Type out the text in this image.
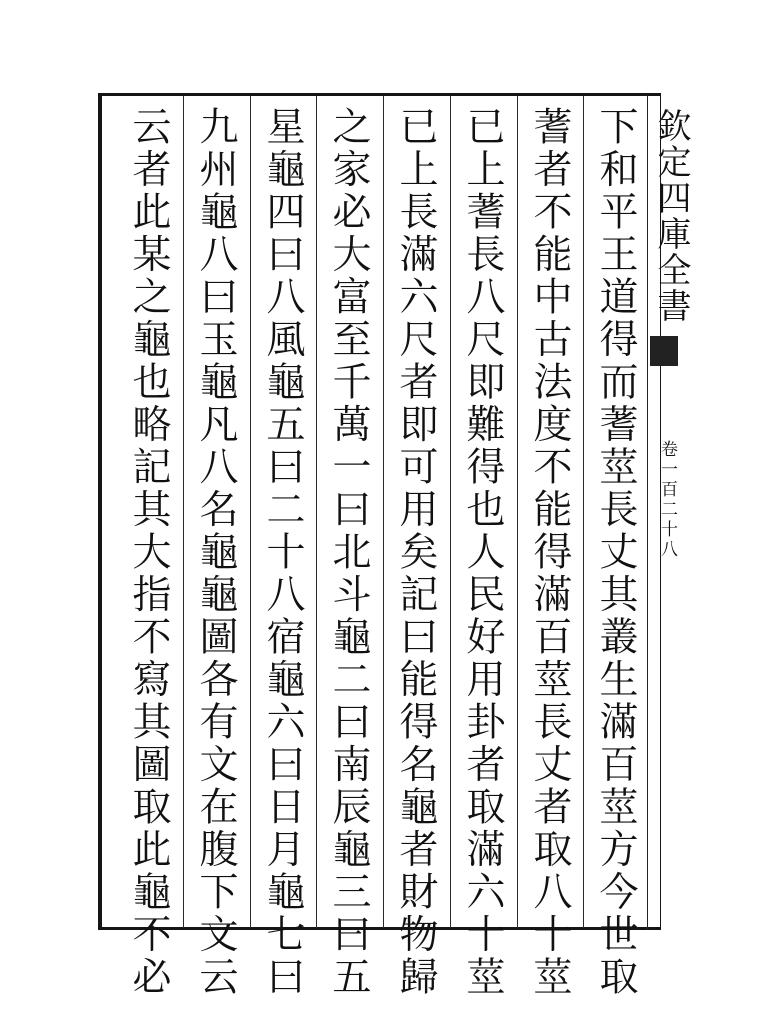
欽定四庫全書
卷一百二十八
下和平王道得而蓍莖長丈其叢生滿百莖方今世取
蓍者不能中古法度不能得滿百莖長丈者取八十莖
已上蓍長八尺即難得也人民好用卦者取滿六十莖
已上長滿六尺者即可用矣記曰能得名龜者財物歸
之家必大富至千萬一曰北斗龜二曰南辰龜三曰五
星龜四曰八風龜五曰二十八宿龜六曰日月龜七曰
九州龜八曰玉龜凡八名龜龜圖各有文在腹下文云
云者此某之龜也略記其大指不寫其圖取此龜不必
